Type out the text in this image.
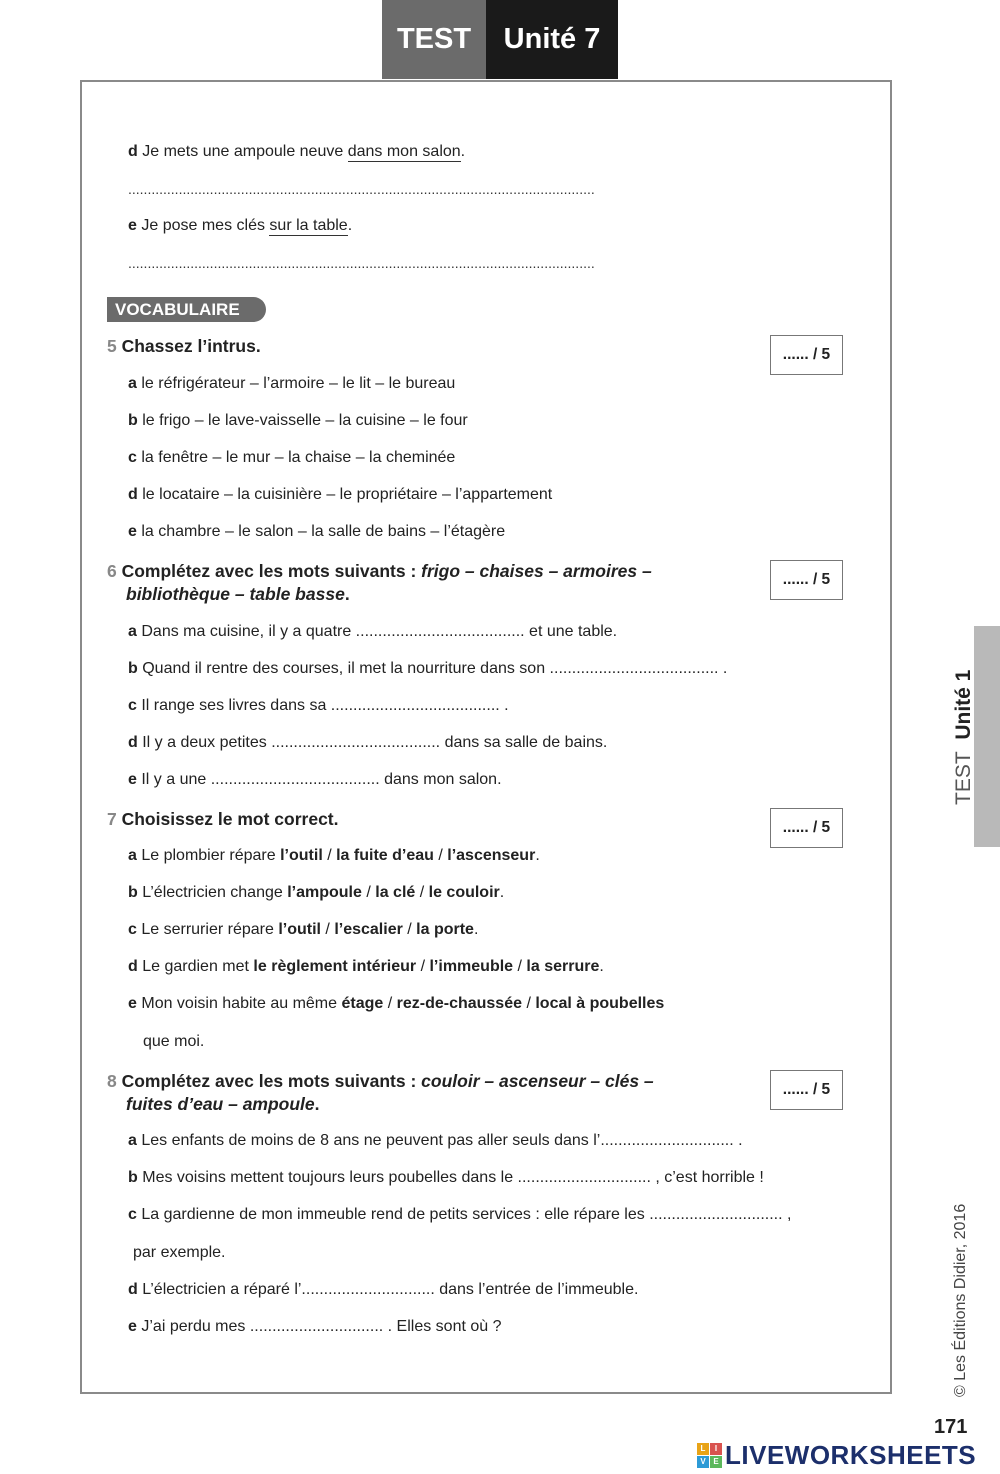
TEST	Unité 7
d Je mets une ampoule neuve dans mon salon.
........................................................................................................................
e Je pose mes clés sur la table.
........................................................................................................................
VOCABULAIRE
5 Chassez l’intrus.	...... / 5
a le réfrigérateur – l’armoire – le lit – le bureau
b le frigo – le lave-vaisselle – la cuisine – le four
c la fenêtre – le mur – la chaise – la cheminée
d le locataire – la cuisinière – le propriétaire – l’appartement
e la chambre – le salon – la salle de bains – l’étagère
6 Complétez avec les mots suivants : frigo – chaises – armoires –
bibliothèque – table basse.
...... / 5
a Dans ma cuisine, il y a quatre ...................................... et une table.
b Quand il rentre des courses, il met la nourriture dans son ...................................... .
c Il range ses livres dans sa ...................................... .
d Il y a deux petites ...................................... dans sa salle de bains.
e Il y a une ...................................... dans mon salon.
7 Choisissez le mot correct.	...... / 5
a Le plombier répare l’outil / la fuite d’eau / l’ascenseur.
b L’électricien change l’ampoule / la clé / le couloir.
c Le serrurier répare l’outil / l’escalier / la porte.
d Le gardien met le règlement intérieur / l’immeuble / la serrure.
e Mon voisin habite au même étage / rez-de-chaussée / local à poubelles
que moi.
8 Complétez avec les mots suivants : couloir – ascenseur – clés –
fuites d’eau – ampoule.
...... / 5
a Les enfants de moins de 8 ans ne peuvent pas aller seuls dans l’.............................. .
b Mes voisins mettent toujours leurs poubelles dans le .............................. , c’est horrible !
c La gardienne de mon immeuble rend de petits services : elle répare les .............................. ,
par exemple.
d L’électricien a réparé l’.............................. dans l’entrée de l’immeuble.
e J’ai perdu mes .............................. . Elles sont où ?
TEST  Unité 1
© Les Éditions Didier, 2016
171
L	I
V E LIVEWORKSHEETS
